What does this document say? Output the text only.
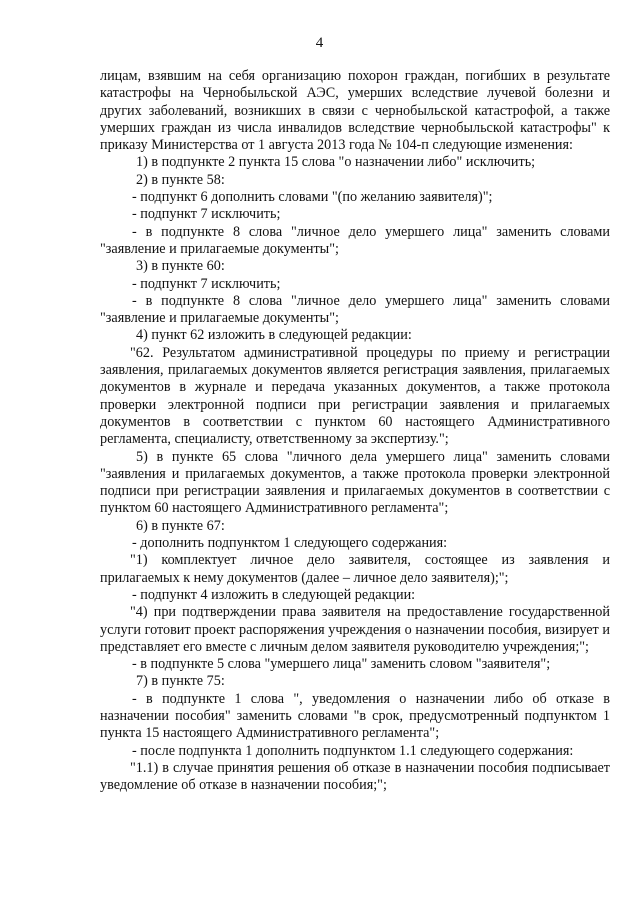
4

лицам, взявшим на себя организацию похорон граждан, погибших в результате катастрофы на Чернобыльской АЭС, умерших вследствие лучевой болезни и других заболеваний, возникших в связи с чернобыльской катастрофой, а также умерших граждан из числа инвалидов вследствие чернобыльской катастрофы" к приказу Министерства от 1 августа 2013 года № 104-п следующие изменения:

1) в подпункте 2 пункта 15 слова "о назначении либо" исключить;

2) в пункте 58:

- подпункт 6 дополнить словами "(по желанию заявителя)";

- подпункт 7 исключить;

- в подпункте 8 слова "личное дело умершего лица" заменить словами "заявление и прилагаемые документы";

3) в пункте 60:

- подпункт 7 исключить;

- в подпункте 8 слова "личное дело умершего лица" заменить словами "заявление и прилагаемые документы";

4) пункт 62 изложить в следующей редакции:

"62. Результатом административной процедуры по приему и регистрации заявления, прилагаемых документов является регистрация заявления, прилагаемых документов в журнале и передача указанных документов, а также протокола проверки электронной подписи при регистрации заявления и прилагаемых документов в соответствии с пунктом 60 настоящего Административного регламента, специалисту, ответственному за экспертизу.";

5) в пункте 65 слова "личного дела умершего лица" заменить словами "заявления и прилагаемых документов, а также протокола проверки электронной подписи при регистрации заявления и прилагаемых документов в соответствии с пунктом 60 настоящего Административного регламента";

6) в пункте 67:

- дополнить подпунктом 1 следующего содержания:

"1) комплектует личное дело заявителя, состоящее из заявления и прилагаемых к нему документов (далее – личное дело заявителя);";

- подпункт 4 изложить в следующей редакции:

"4) при подтверждении права заявителя на предоставление государственной услуги готовит проект распоряжения учреждения о назначении пособия, визирует и представляет его вместе с личным делом заявителя руководителю учреждения;";

- в подпункте 5 слова "умершего лица" заменить словом "заявителя";

7) в пункте 75:

- в подпункте 1 слова ", уведомления о назначении либо об отказе в назначении пособия" заменить словами "в срок, предусмотренный подпунктом 1 пункта 15 настоящего Административного регламента";

- после подпункта 1 дополнить подпунктом 1.1 следующего содержания:

"1.1) в случае принятия решения об отказе в назначении пособия подписывает уведомление об отказе в назначении пособия;";
